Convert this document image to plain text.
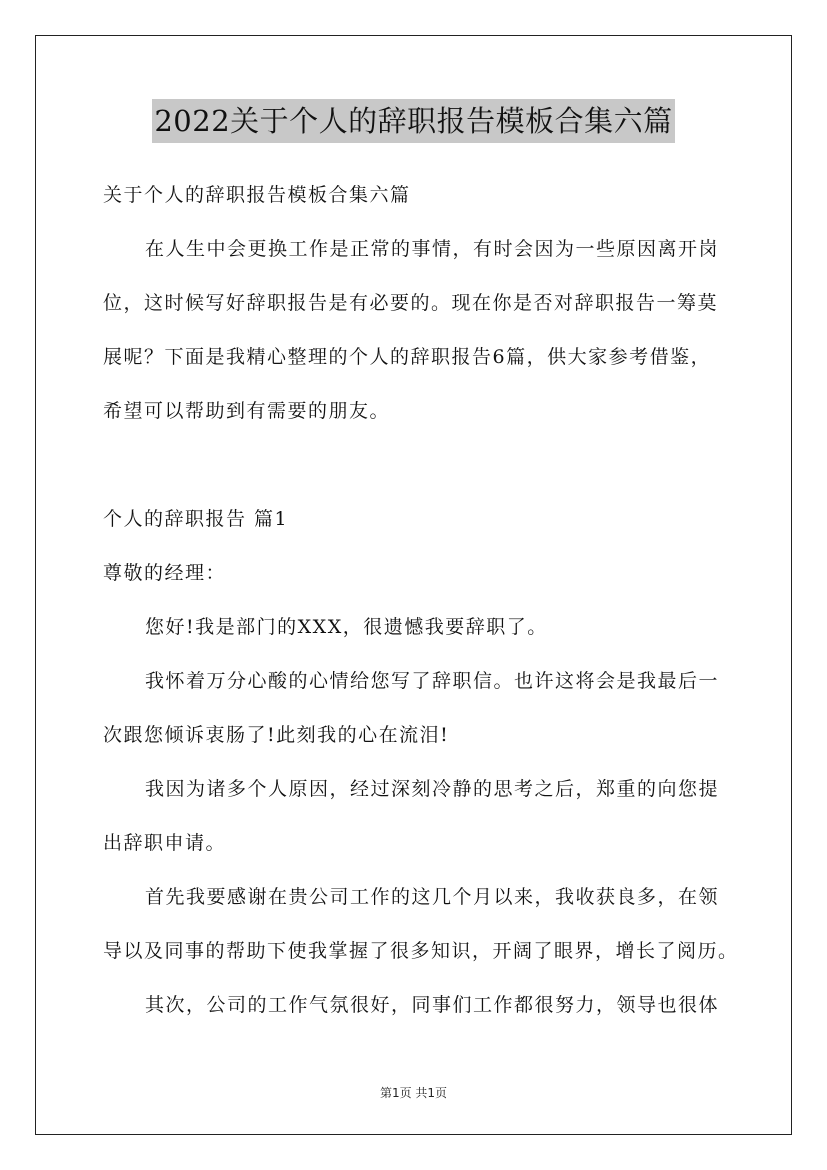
2022关于个人的辞职报告模板合集六篇
关于个人的辞职报告模板合集六篇
在人生中会更换工作是正常的事情，有时会因为一些原因离开岗
位，这时候写好辞职报告是有必要的。现在你是否对辞职报告一筹莫
展呢？下面是我精心整理的个人的辞职报告6篇，供大家参考借鉴，
希望可以帮助到有需要的朋友。
个人的辞职报告 篇1
尊敬的经理：
您好!我是部门的XXX，很遗憾我要辞职了。
我怀着万分心酸的心情给您写了辞职信。也许这将会是我最后一
次跟您倾诉衷肠了!此刻我的心在流泪!
我因为诸多个人原因，经过深刻冷静的思考之后，郑重的向您提
出辞职申请。
首先我要感谢在贵公司工作的这几个月以来，我收获良多，在领
导以及同事的帮助下使我掌握了很多知识，开阔了眼界，增长了阅历。
其次，公司的工作气氛很好，同事们工作都很努力，领导也很体
第1页 共1页
